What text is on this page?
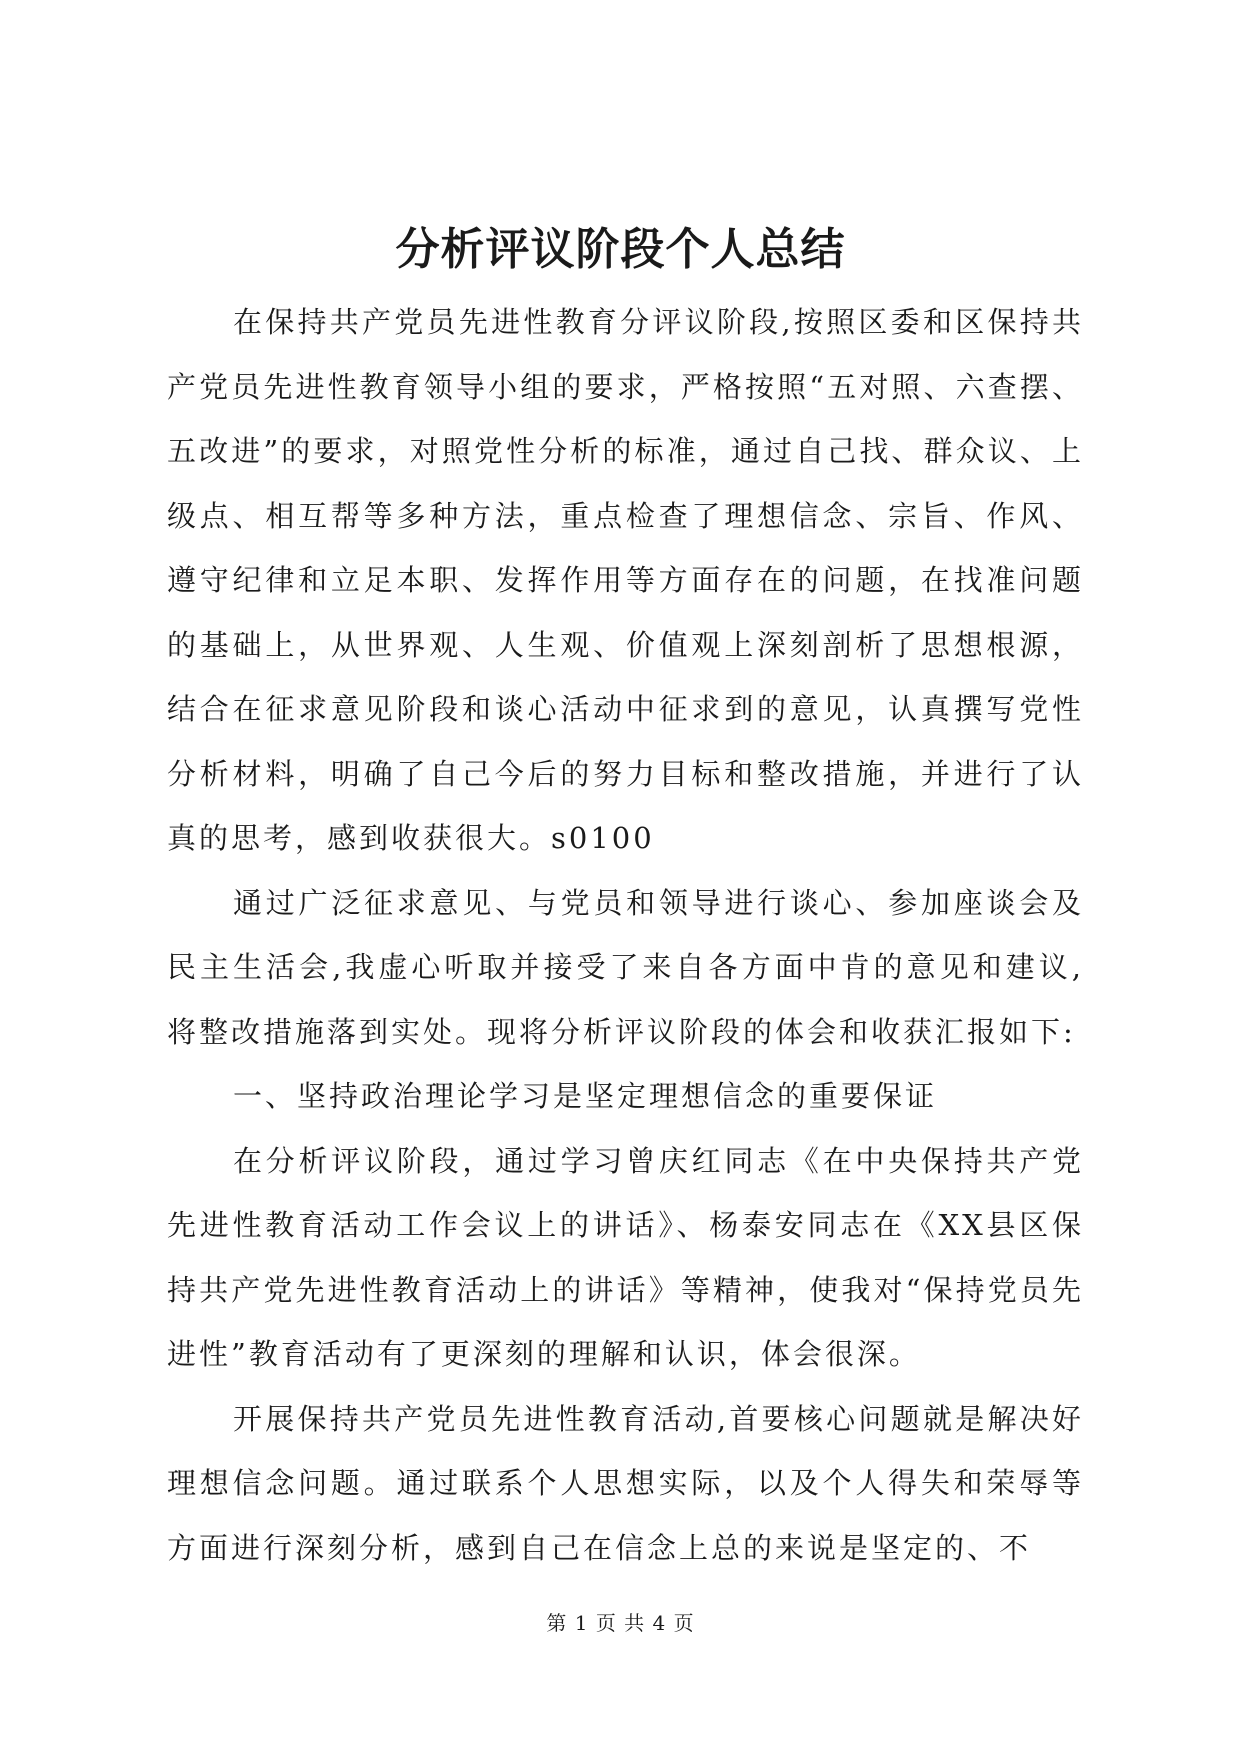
分析评议阶段个人总结

在保持共产党员先进性教育分评议阶段,按照区委和区保持共产党员先进性教育领导小组的要求，严格按照“五对照、六查摆、五改进”的要求，对照党性分析的标准，通过自己找、群众议、上级点、相互帮等多种方法，重点检查了理想信念、宗旨、作风、遵守纪律和立足本职、发挥作用等方面存在的问题，在找准问题的基础上，从世界观、人生观、价值观上深刻剖析了思想根源，结合在征求意见阶段和谈心活动中征求到的意见，认真撰写党性分析材料，明确了自己今后的努力目标和整改措施，并进行了认真的思考，感到收获很大。s0100

通过广泛征求意见、与党员和领导进行谈心、参加座谈会及民主生活会,我虚心听取并接受了来自各方面中肯的意见和建议,将整改措施落到实处。现将分析评议阶段的体会和收获汇报如下:

一、坚持政治理论学习是坚定理想信念的重要保证

在分析评议阶段，通过学习曾庆红同志《在中央保持共产党先进性教育活动工作会议上的讲话》、杨泰安同志在《XX县区保持共产党先进性教育活动上的讲话》等精神，使我对“保持党员先进性”教育活动有了更深刻的理解和认识，体会很深。

开展保持共产党员先进性教育活动,首要核心问题就是解决好理想信念问题。通过联系个人思想实际，以及个人得失和荣辱等方面进行深刻分析，感到自己在信念上总的来说是坚定的、不

第 1 页 共 4 页
